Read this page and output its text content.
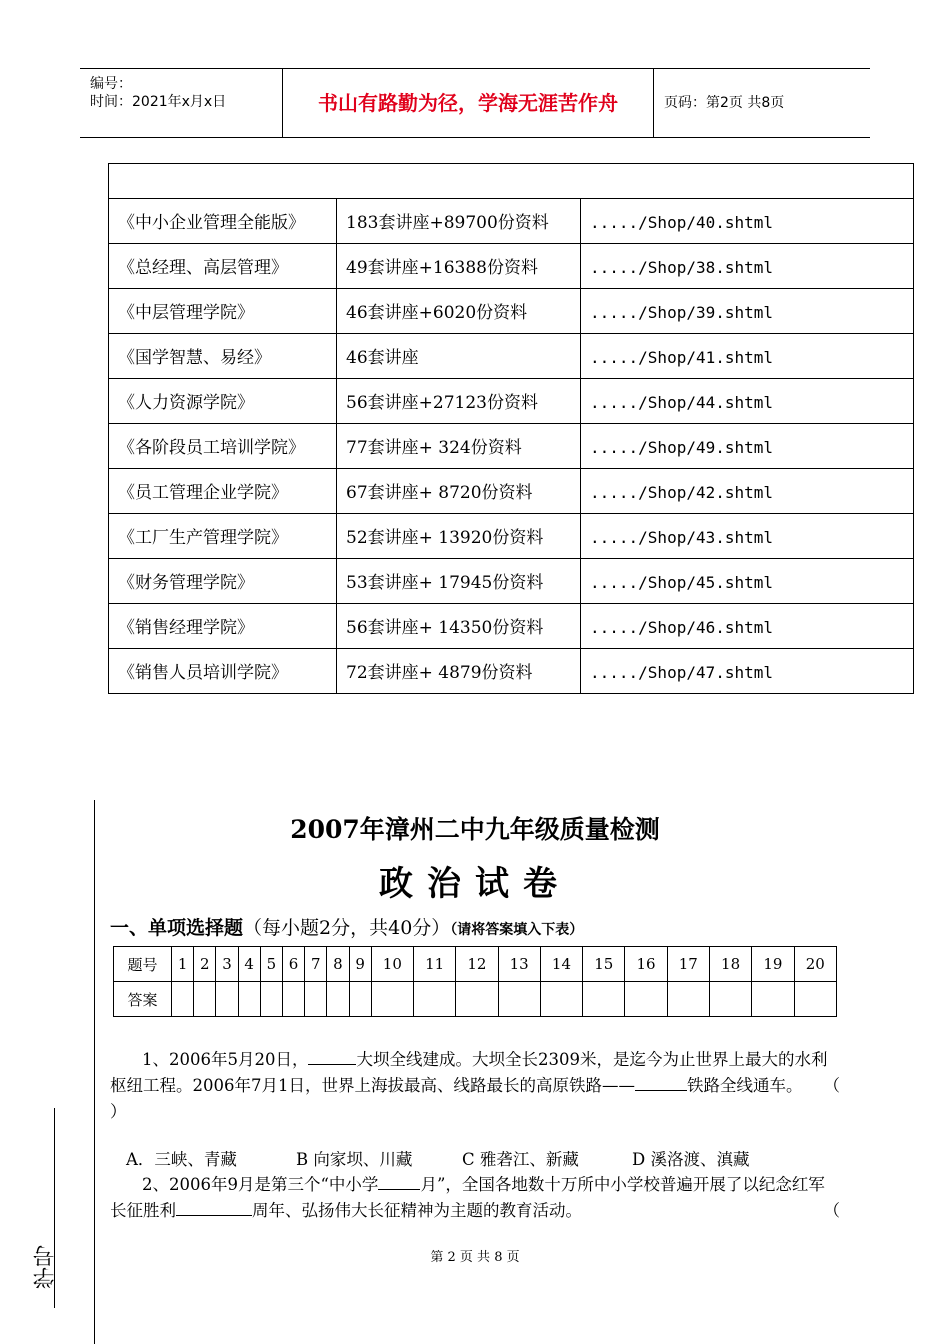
编号：
时间：2021年x月x日	书山有路勤为径，学海无涯苦作舟	页码：第2页 共8页

《中小企业管理全能版》	183套讲座+89700份资料	...../Shop/40.shtml
《总经理、高层管理》	49套讲座+16388份资料	...../Shop/38.shtml
《中层管理学院》	46套讲座+6020份资料	...../Shop/39.shtml
《国学智慧、易经》	46套讲座	...../Shop/41.shtml
《人力资源学院》	56套讲座+27123份资料	...../Shop/44.shtml
《各阶段员工培训学院》	77套讲座+ 324份资料	...../Shop/49.shtml
《员工管理企业学院》	67套讲座+ 8720份资料	...../Shop/42.shtml
《工厂生产管理学院》	52套讲座+ 13920份资料	...../Shop/43.shtml
《财务管理学院》	53套讲座+ 17945份资料	...../Shop/45.shtml
《销售经理学院》	56套讲座+ 14350份资料	...../Shop/46.shtml
《销售人员培训学院》	72套讲座+ 4879份资料	...../Shop/47.shtml
学号
2007年漳州二中九年级质量检测
政治试卷
一、单项选择题（每小题2分，共40分）（请将答案填入下表）
题号	1	2	3	4	5	6	7	8	9	10	11	12	13	14	15	16	17	18	19	20
答案																				
1、2006年5月20日，	大坝全线建成。大坝全长2309米，是迄今为止世界上最大的水利枢纽工程。2006年7月1日，世界上海拔最高、线路最长的高原铁路——	铁路全线通车。 （

）
A．三峡、青藏	B 向家坝、川藏	C 雅砻江、新藏	D 溪洛渡、滇藏
2、2006年9月是第三个“中小学	月”，全国各地数十万所中小学校普遍开展了以纪念红军长征胜利	周年、弘扬伟大长征精神为主题的教育活动。	（
第 2 页 共 8 页
